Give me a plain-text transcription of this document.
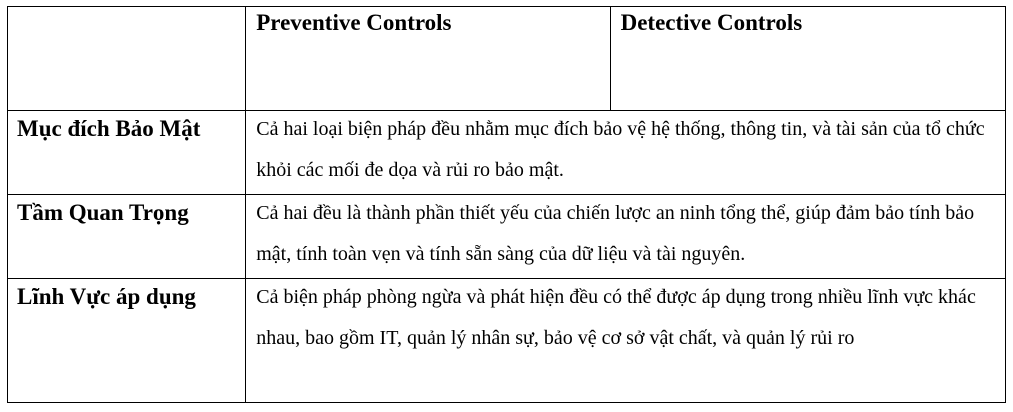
	Preventive Controls	Detective Controls

Mục đích Bảo Mật	Cả hai loại biện pháp đều nhằm mục đích bảo vệ hệ thống, thông tin, và tài sản của tổ chức khỏi các mối đe dọa và rủi ro bảo mật.	

Tầm Quan Trọng	Cả hai đều là thành phần thiết yếu của chiến lược an ninh tổng thể, giúp đảm bảo tính bảo mật, tính toàn vẹn và tính sẵn sàng của dữ liệu và tài nguyên.	

Lĩnh Vực áp dụng	Cả biện pháp phòng ngừa và phát hiện đều có thể được áp dụng trong nhiều lĩnh vực khác nhau, bao gồm IT, quản lý nhân sự, bảo vệ cơ sở vật chất, và quản lý rủi ro	
